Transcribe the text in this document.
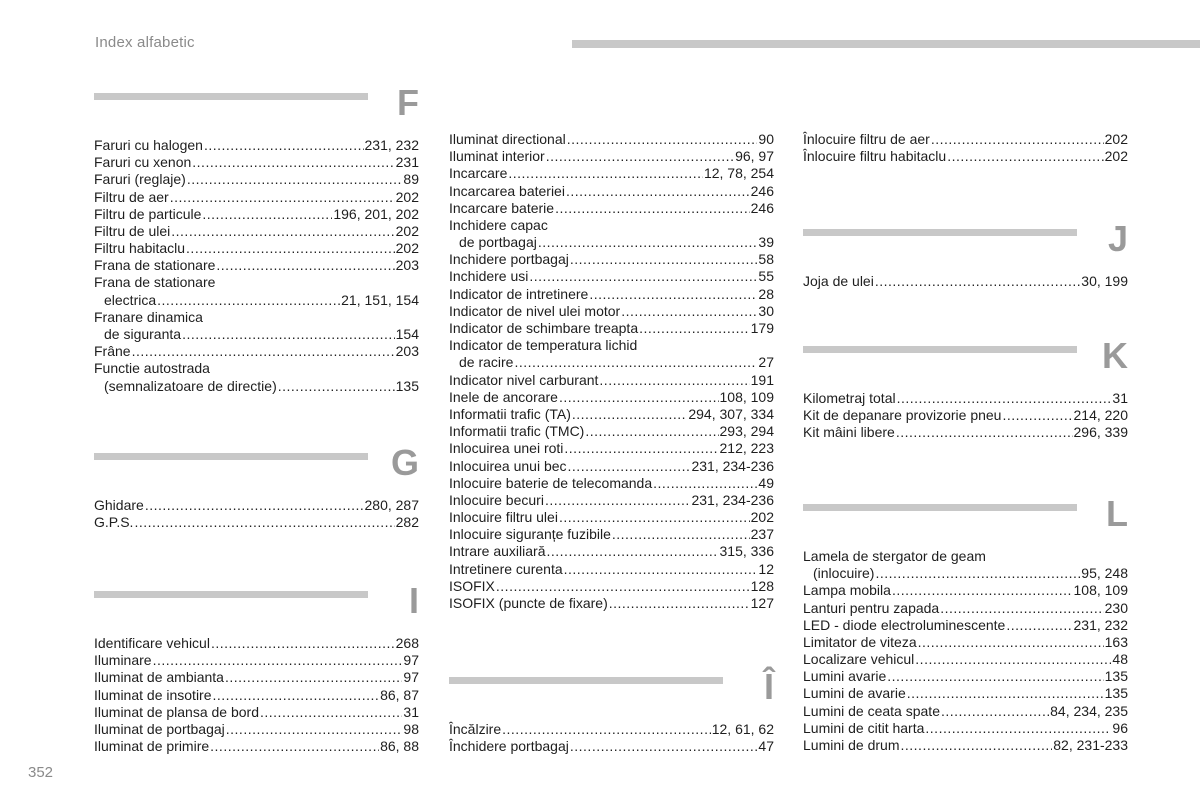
Index alfabetic
352
F
Faruri cu halogen .....	231, 232
Faruri cu xenon .....	231
Faruri (reglaje) .....	89
Filtru de aer .....	202
Filtru de particule .....	196, 201, 202
Filtru de ulei .....	202
Filtru habitaclu .....	202
Frana de stationare .....	203
Frana de stationare
electrica .....	21, 151, 154
Franare dinamica
de siguranta .....	154
Frâne .....	203
Functie autostrada
(semnalizatoare de directie) .....	135
G
Ghidare .....	280, 287
G.P.S. .....	282
I
Identificare vehicul .....	268
Iluminare .....	97
Iluminat de ambianta .....	97
Iluminat de insotire .....	86, 87
Iluminat de plansa de bord .....	31
Iluminat de portbagaj .....	98
Iluminat de primire .....	86, 88
Iluminat directional .....	90
Iluminat interior .....	96, 97
Incarcare .....	12, 78, 254
Incarcarea bateriei .....	246
Incarcare baterie .....	246
Inchidere capac
de portbagaj .....	39
Inchidere portbagaj .....	58
Inchidere usi .....	55
Indicator de intretinere .....	28
Indicator de nivel ulei motor .....	30
Indicator de schimbare treapta .....	179
Indicator de temperatura lichid
de racire .....	27
Indicator nivel carburant .....	191
Inele de ancorare .....	108, 109
Informatii trafic (TA) .....	294, 307, 334
Informatii trafic (TMC) .....	293, 294
Inlocuirea unei roti .....	212, 223
Inlocuirea unui bec .....	231, 234-236
Inlocuire baterie de telecomanda .....	49
Inlocuire becuri .....	231, 234-236
Inlocuire filtru ulei .....	202
Inlocuire siguranțe fuzibile .....	237
Intrare auxiliară .....	315, 336
Intretinere curenta .....	12
ISOFIX .....	128
ISOFIX (puncte de fixare) .....	127
Î
Încălzire .....	12, 61, 62
Închidere portbagaj .....	47
Înlocuire filtru de aer .....	202
Înlocuire filtru habitaclu .....	202
J
Joja de ulei .....	30, 199
K
Kilometraj total .....	31
Kit de depanare provizorie pneu .....	214, 220
Kit mâini libere .....	296, 339
L
Lamela de stergator de geam
(inlocuire) .....	95, 248
Lampa mobila .....	108, 109
Lanturi pentru zapada .....	230
LED - diode electroluminescente .....	231, 232
Limitator de viteza .....	163
Localizare vehicul .....	48
Lumini avarie .....	135
Lumini de avarie .....	135
Lumini de ceata spate .....	84, 234, 235
Lumini de citit harta .....	96
Lumini de drum .....	82, 231-233
